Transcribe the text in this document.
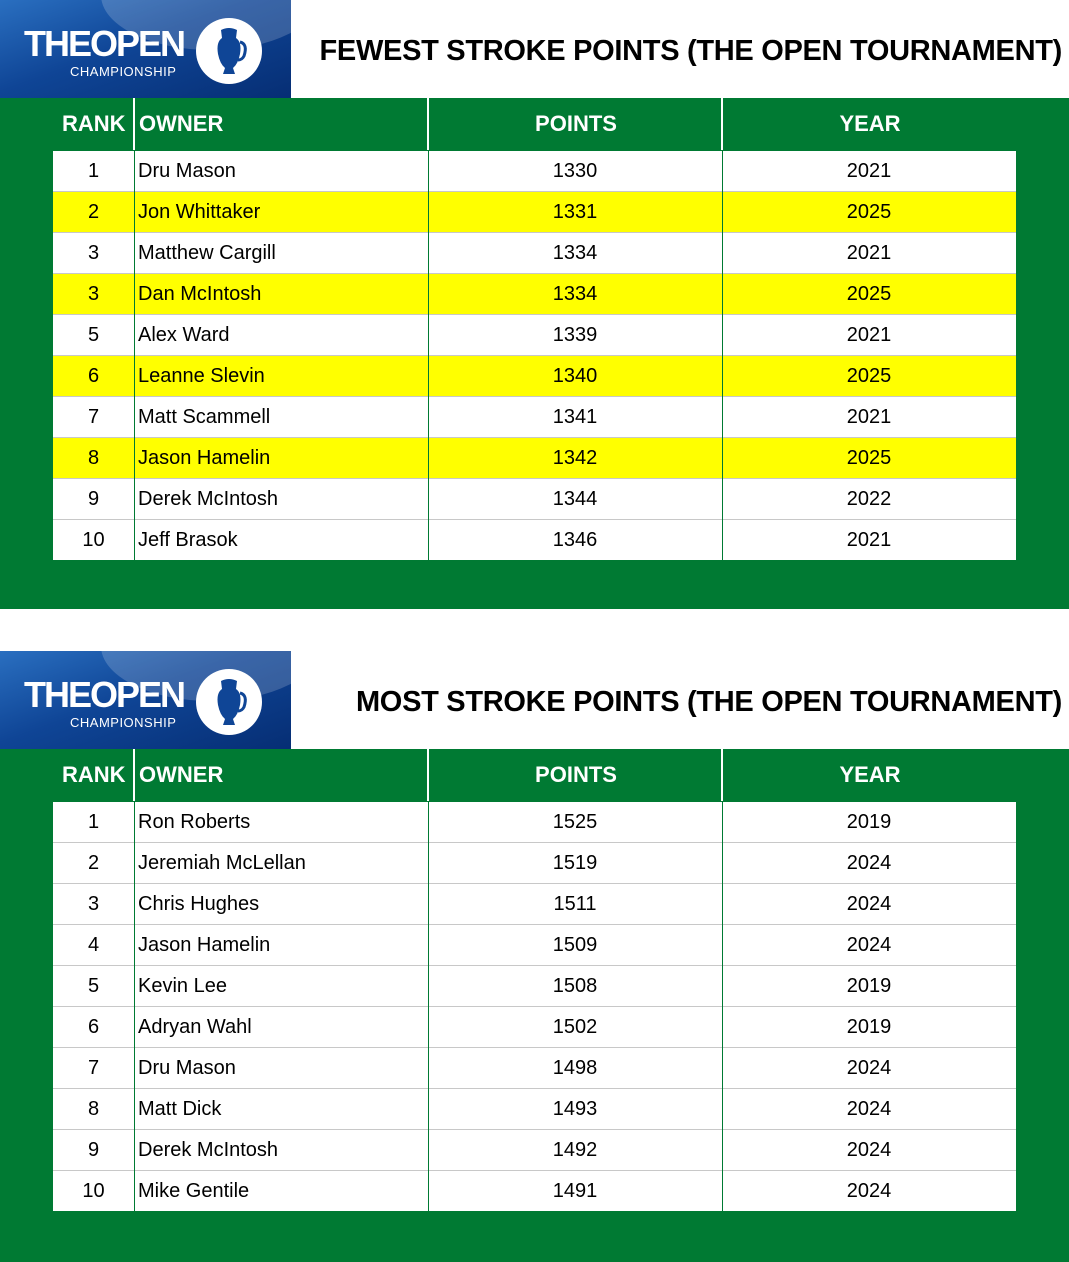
THEOPEN
CHAMPIONSHIP
FEWEST STROKE POINTS (THE OPEN TOURNAMENT)
RANK OWNER	POINTS	YEAR
1	Dru Mason	1330	2021
2	Jon Whittaker	1331	2025
3	Matthew Cargill	1334	2021
3	Dan McIntosh	1334	2025
5	Alex Ward	1339	2021
6	Leanne Slevin	1340	2025
7	Matt Scammell	1341	2021
8	Jason Hamelin	1342	2025
9	Derek McIntosh	1344	2022
10	Jeff Brasok	1346	2021
THEOPEN
CHAMPIONSHIP
MOST STROKE POINTS (THE OPEN TOURNAMENT)
RANK OWNER	POINTS	YEAR
1	Ron Roberts	1525	2019
2	Jeremiah McLellan	1519	2024
3	Chris Hughes	1511	2024
4	Jason Hamelin	1509	2024
5	Kevin Lee	1508	2019
6	Adryan Wahl	1502	2019
7	Dru Mason	1498	2024
8	Matt Dick	1493	2024
9	Derek McIntosh	1492	2024
10	Mike Gentile	1491	2024
